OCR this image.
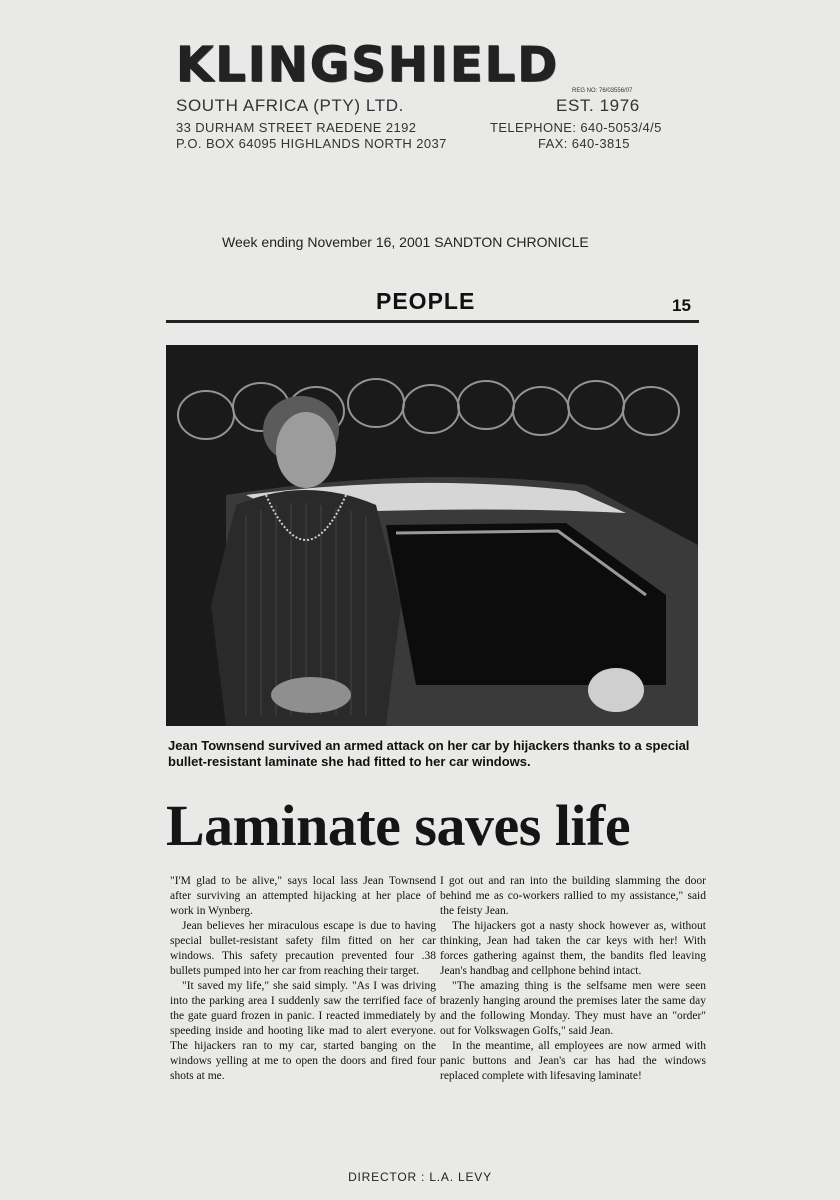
KLINGSHIELD	REG NO: 76/03556/07
SOUTH AFRICA (PTY) LTD.	EST. 1976
33 DURHAM STREET RAEDENE 2192
P.O. BOX 64095 HIGHLANDS NORTH 2037
TELEPHONE: 640-5053/4/5
FAX: 640-3815
Week ending November 16, 2001 SANDTON CHRONICLE
PEOPLE	15
Jean Townsend survived an armed attack on her car by hijackers thanks to a special bullet-resistant laminate she had fitted to her car windows.
Laminate saves life

"I'M glad to be alive," says local lass Jean Townsend after surviving an attempted hijacking at her place of work in Wynberg.

Jean believes her miraculous escape is due to having special bullet-resistant safety film fitted on her car windows. This safety precaution prevented four .38 bullets pumped into her car from reaching their target.

"It saved my life," she said simply. "As I was driving into the parking area I suddenly saw the terrified face of the gate guard frozen in panic. I reacted immediately by speeding inside and hooting like mad to alert everyone. The hijackers ran to my car, started banging on the windows yelling at me to open the doors and fired four shots at me.

I got out and ran into the building slamming the door behind me as co-workers rallied to my assistance," said the feisty Jean.

The hijackers got a nasty shock however as, without thinking, Jean had taken the car keys with her! With forces gathering against them, the bandits fled leaving Jean's handbag and cellphone behind intact.

"The amazing thing is the selfsame men were seen brazenly hanging around the premises later the same day and the following Monday. They must have an "order" out for Volkswagen Golfs," said Jean.

In the meantime, all employees are now armed with panic buttons and Jean's car has had the windows replaced complete with lifesaving laminate!

DIRECTOR : L.A. LEVY
